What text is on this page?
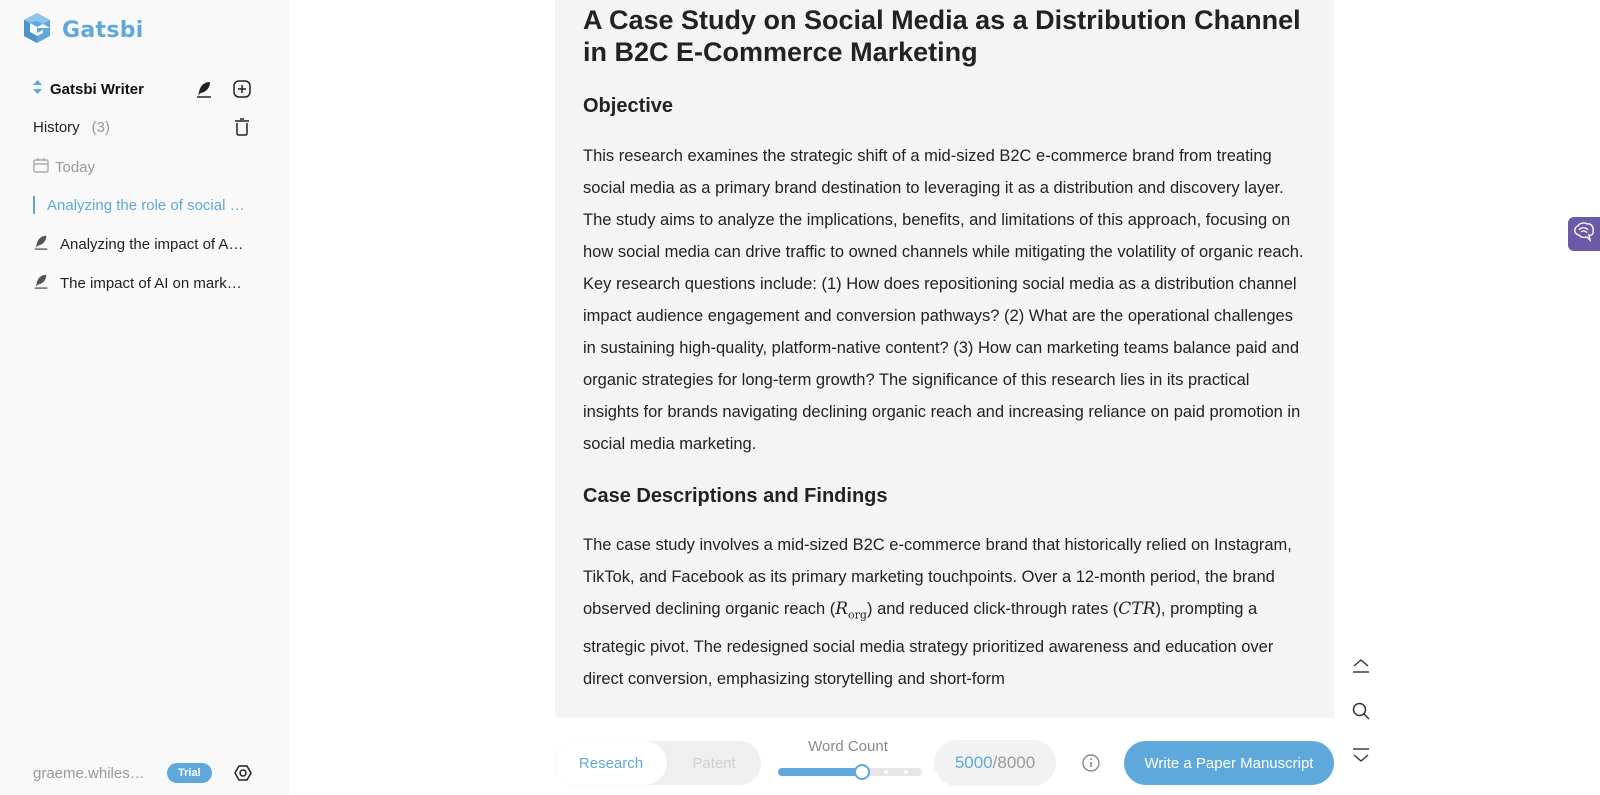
Gatsbi
Gatsbi Writer
History (3)
Today
Analyzing the role of social …
Analyzing the impact of A…
The impact of AI on mark…
graeme.whiles…	Trial
A Case Study on Social Media as a Distribution Channel in B2C E-Commerce Marketing
Objective

This research examines the strategic shift of a mid-sized B2C e-commerce brand from treating social media as a primary brand destination to leveraging it as a distribution and discovery layer. The study aims to analyze the implications, benefits, and limitations of this approach, focusing on how social media can drive traffic to owned channels while mitigating the volatility of organic reach. Key research questions include: (1) How does repositioning social media as a distribution channel impact audience engagement and conversion pathways? (2) What are the operational challenges in sustaining high-quality, platform-native content? (3) How can marketing teams balance paid and organic strategies for long-term growth? The significance of this research lies in its practical insights for brands navigating declining organic reach and increasing reliance on paid promotion in social media marketing.

Case Descriptions and Findings

The case study involves a mid-sized B2C e-commerce brand that historically relied on Instagram, TikTok, and Facebook as its primary marketing touchpoints. Over a 12-month period, the brand observed declining organic reach $(R_{org})$ and reduced click-through rates (CTR), prompting a strategic pivot. The redesigned social media strategy prioritized awareness and education over direct conversion, emphasizing storytelling and short-form

Research	Patent
Word Count
5000 /8000	Write a Paper Manuscript
